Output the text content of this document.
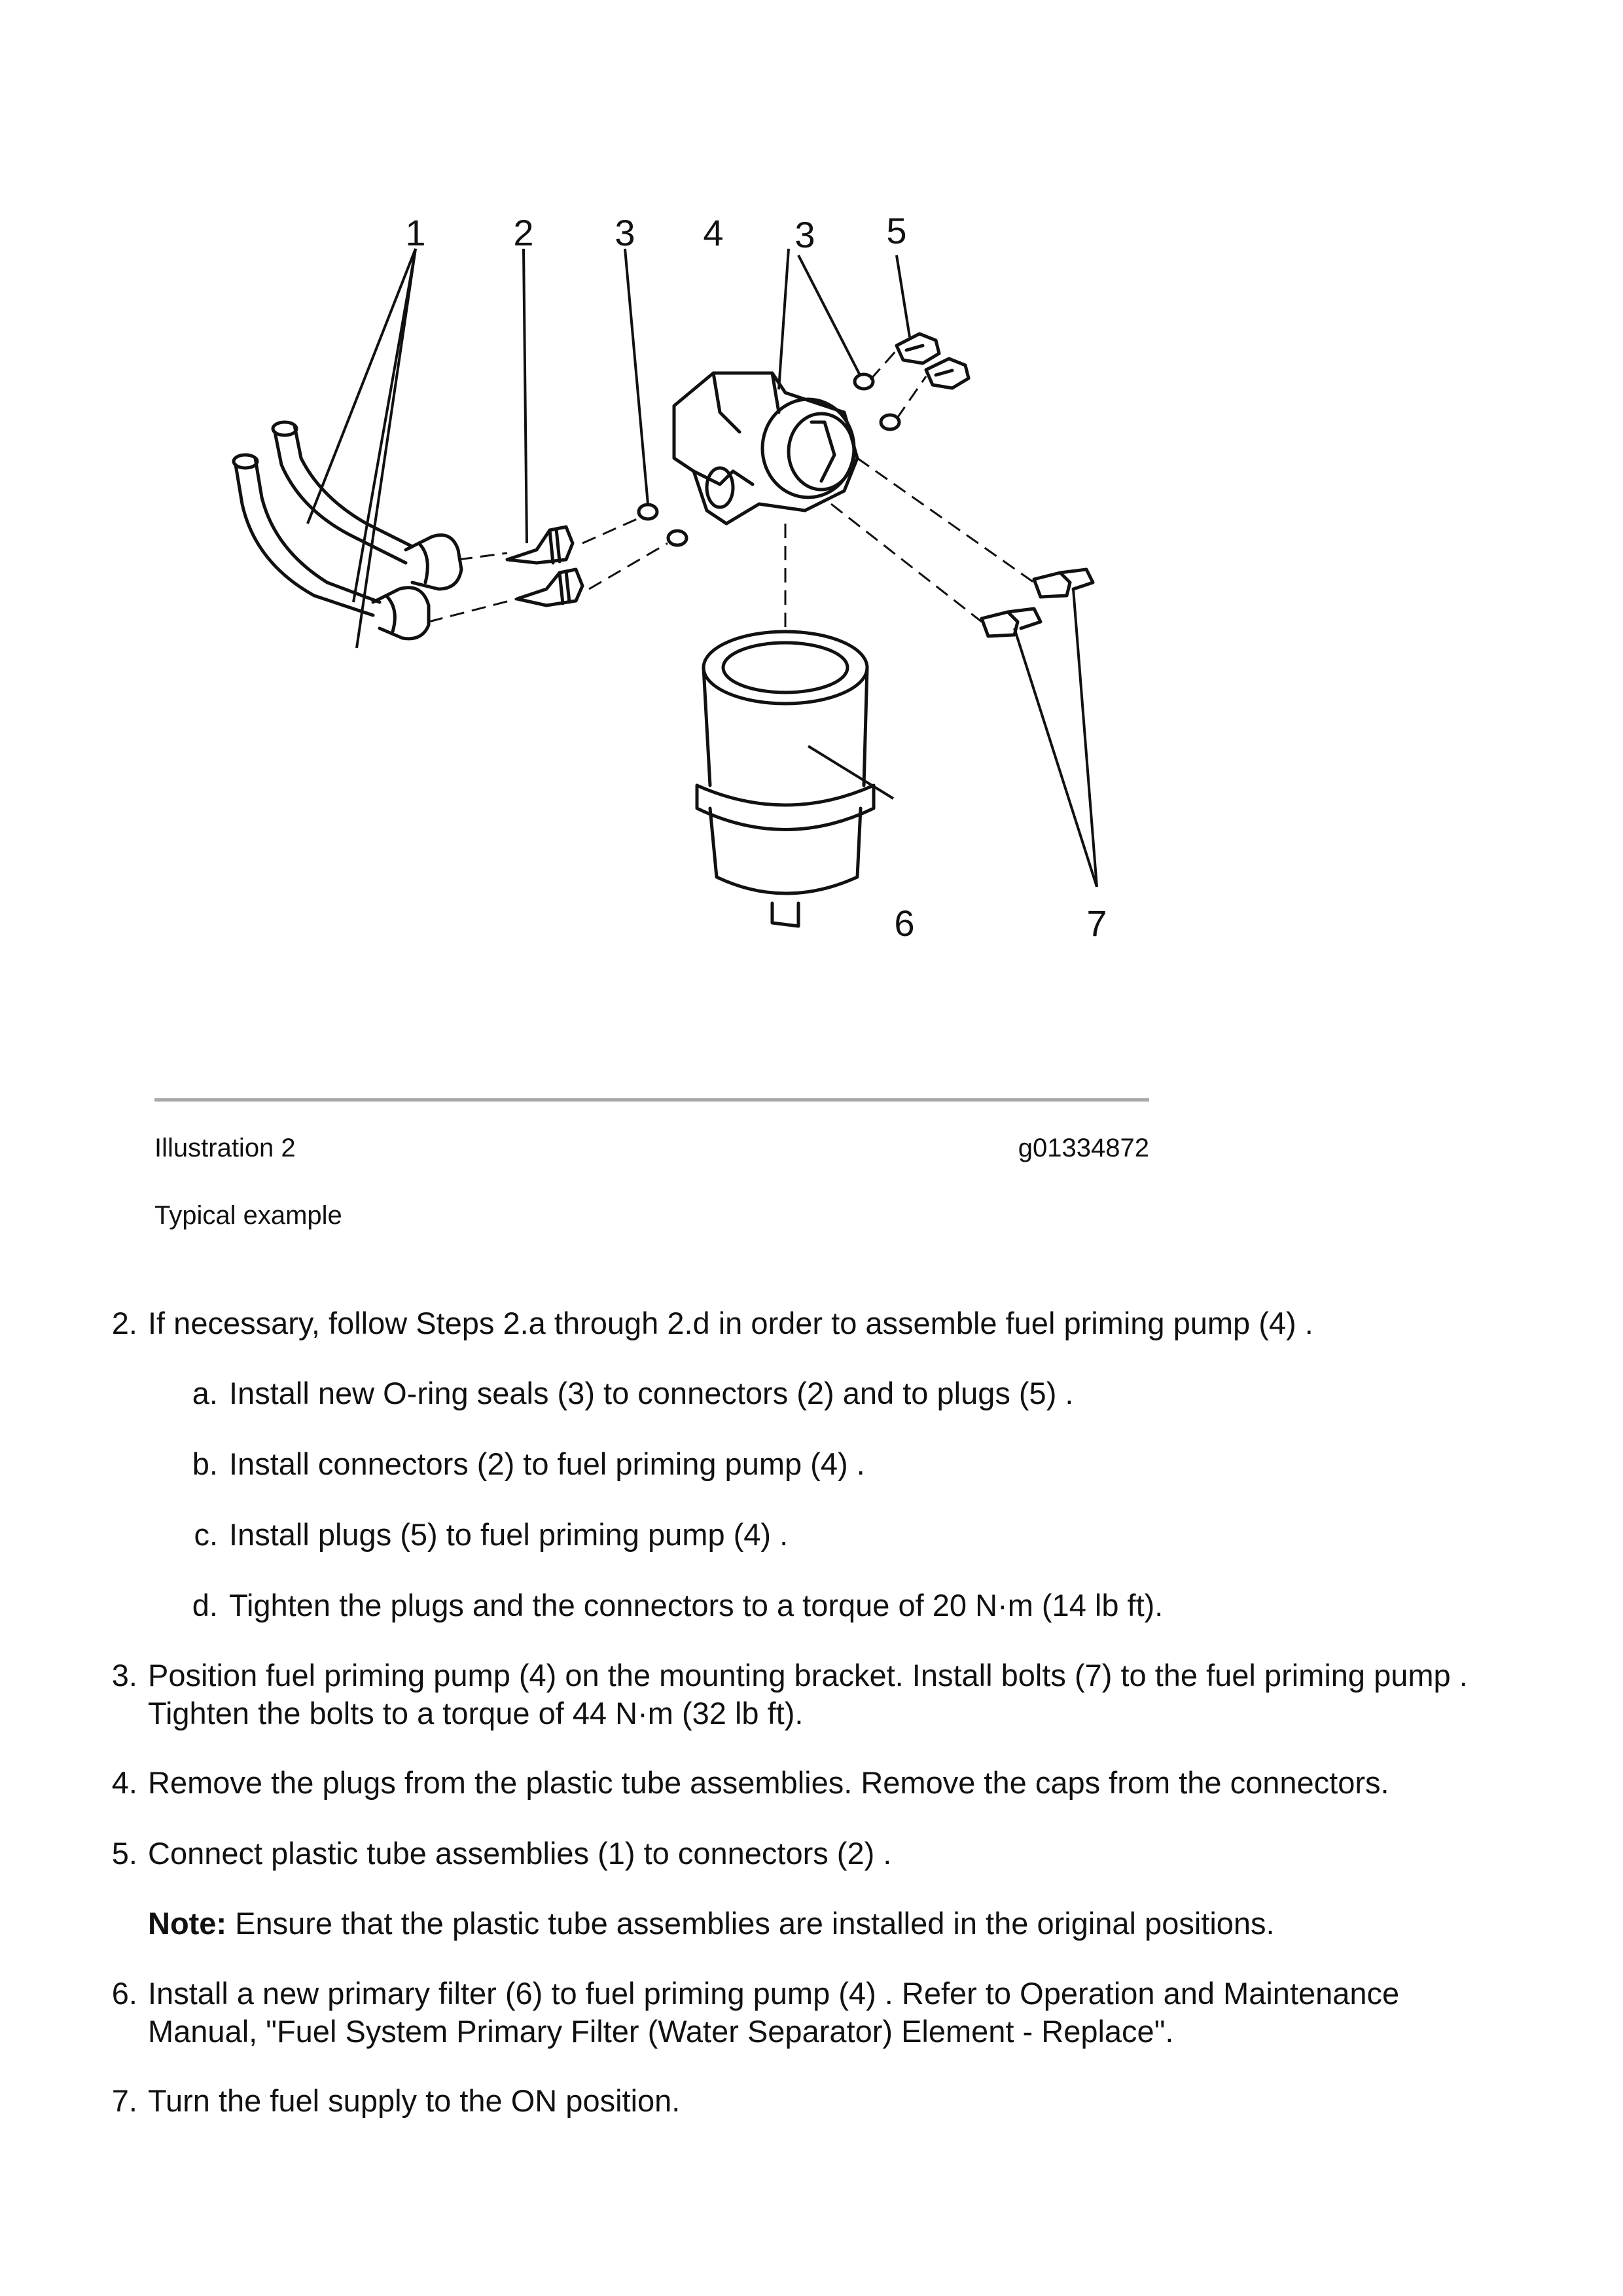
1 2 3 4 3 5
6	7
Illustration 2	g01334872
Typical example
2. If necessary, follow Steps 2.a through 2.d in order to assemble fuel priming pump (4) .
a. Install new O-ring seals (3) to connectors (2) and to plugs (5) .
b. Install connectors (2) to fuel priming pump (4) .
c. Install plugs (5) to fuel priming pump (4) .
d. Tighten the plugs and the connectors to a torque of 20 N·m (14 lb ft).
3. Position fuel priming pump (4) on the mounting bracket. Install bolts (7) to the fuel priming pump .
Tighten the bolts to a torque of 44 N·m (32 lb ft).
4. Remove the plugs from the plastic tube assemblies. Remove the caps from the connectors.
5. Connect plastic tube assemblies (1) to connectors (2) .
Note: Ensure that the plastic tube assemblies are installed in the original positions.
6. Install a new primary filter (6) to fuel priming pump (4) . Refer to Operation and Maintenance
Manual, "Fuel System Primary Filter (Water Separator) Element - Replace".
7. Turn the fuel supply to the ON position.
